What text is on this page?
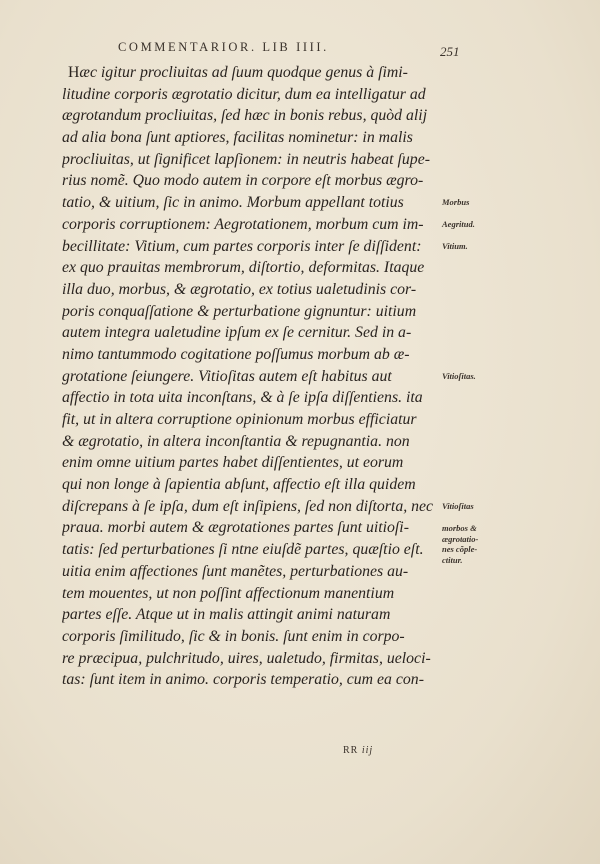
COMMENTARIOR. LIB IIII.	251
Hæc igitur procliuitas ad ſuum quodque genus à ſimi-
litudine corporis ægrotatio dicitur, dum ea intelligatur ad
ægrotandum procliuitas, ſed hæc in bonis rebus, quòd alij
ad alia bona ſunt aptiores, facilitas nominetur: in malis
procliuitas, ut ſignificet lapſionem: in neutris habeat ſupe-
rius nomẽ. Quo modo autem in corpore eſt morbus ægro-
tatio, & uitium, ſic in animo. Morbum appellant totius
corporis corruptionem: Aegrotationem, morbum cum im-
becillitate: Vitium, cum partes corporis inter ſe diſſident:
ex quo prauitas membrorum, diſtortio, deformitas. Itaque
illa duo, morbus, & ægrotatio, ex totius ualetudinis cor-
poris conquaſſatione & perturbatione gignuntur: uitium
autem integra ualetudine ipſum ex ſe cernitur. Sed in a-
nimo tantummodo cogitatione poſſumus morbum ab æ-
grotatione ſeiungere. Vitioſitas autem eſt habitus aut
affectio in tota uita inconſtans, & à ſe ipſa diſſentiens. ita
fit, ut in altera corruptione opinionum morbus efficiatur
& ægrotatio, in altera inconſtantia & repugnantia. non
enim omne uitium partes habet diſſentientes, ut eorum
qui non longe à ſapientia abſunt, affectio eſt illa quidem
diſcrepans à ſe ipſa, dum eſt inſipiens, ſed non diſtorta, nec
praua. morbi autem & ægrotationes partes ſunt uitioſi-
tatis: ſed perturbationes ſi ntne eiuſdẽ partes, quæſtio eſt.
uitia enim affectiones ſunt manẽtes, perturbationes au-
tem mouentes, ut non poſſint affectionum manentium
partes eſſe. Atque ut in malis attingit animi naturam
corporis ſimilitudo, ſic & in bonis. ſunt enim in corpo-
re præcipua, pulchritudo, uires, ualetudo, firmitas, ueloci-
tas: ſunt item in animo. corporis temperatio, cum ea con-
Morbus
Aegritud.
Vitium.
Vitioſitas.
Vitioſitas
morbos &
ægrotatio-
nes cõple-
ctitur.
RR iij
